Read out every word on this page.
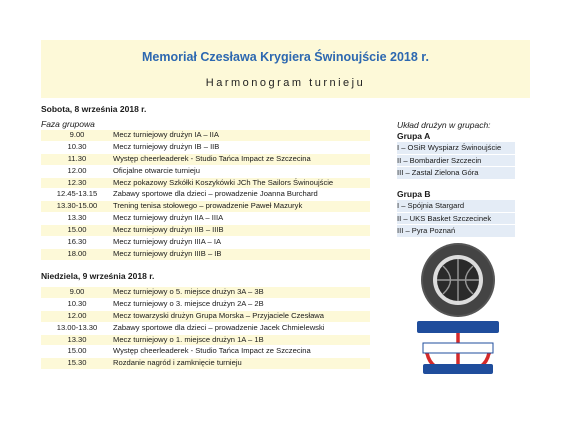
Memoriał Czesława Krygiera Świnoujście 2018 r.
Harmonogram turnieju
Sobota, 8 września 2018 r.
Faza grupowa
9.00	Mecz turniejowy drużyn IA – IIA
10.30	Mecz turniejowy drużyn IB – IIB
11.30	Występ cheerleaderek - Studio Tańca Impact ze Szczecina
12.00	Oficjalne otwarcie turnieju
12.30	Mecz pokazowy Szkółki Koszykówki JCh The Sailors Świnoujście
12.45-13.15	Zabawy sportowe dla dzieci – prowadzenie Joanna Burchard
13.30-15.00	Trening tenisa stołowego – prowadzenie Paweł Mazuryk
13.30	Mecz turniejowy drużyn IIA – IIIA
15.00	Mecz turniejowy drużyn IIB – IIIB
16.30	Mecz turniejowy drużyn IIIA – IA
18.00	Mecz turniejowy drużyn IIIB – IB
Niedziela, 9 września 2018 r.
9.00	Mecz turniejowy o 5. miejsce drużyn 3A – 3B
10.30	Mecz turniejowy o 3. miejsce drużyn 2A – 2B
12.00	Mecz towarzyski drużyn Grupa Morska – Przyjaciele Czesława
13.00-13.30	Zabawy sportowe dla dzieci – prowadzenie Jacek Chmielewski
13.30	Mecz turniejowy o 1. miejsce drużyn 1A – 1B
15.00	Występ cheerleaderek - Studio Tańca Impact ze Szczecina
15.30	Rozdanie nagród i zamknięcie turnieju
Układ drużyn w grupach:
Grupa A
I – OSiR Wyspiarz Świnoujście
II – Bombardier Szczecin
III – Zastal Zielona Góra
Grupa B
I – Spójnia Stargard
II – UKS Basket Szczecinek
III – Pyra Poznań
